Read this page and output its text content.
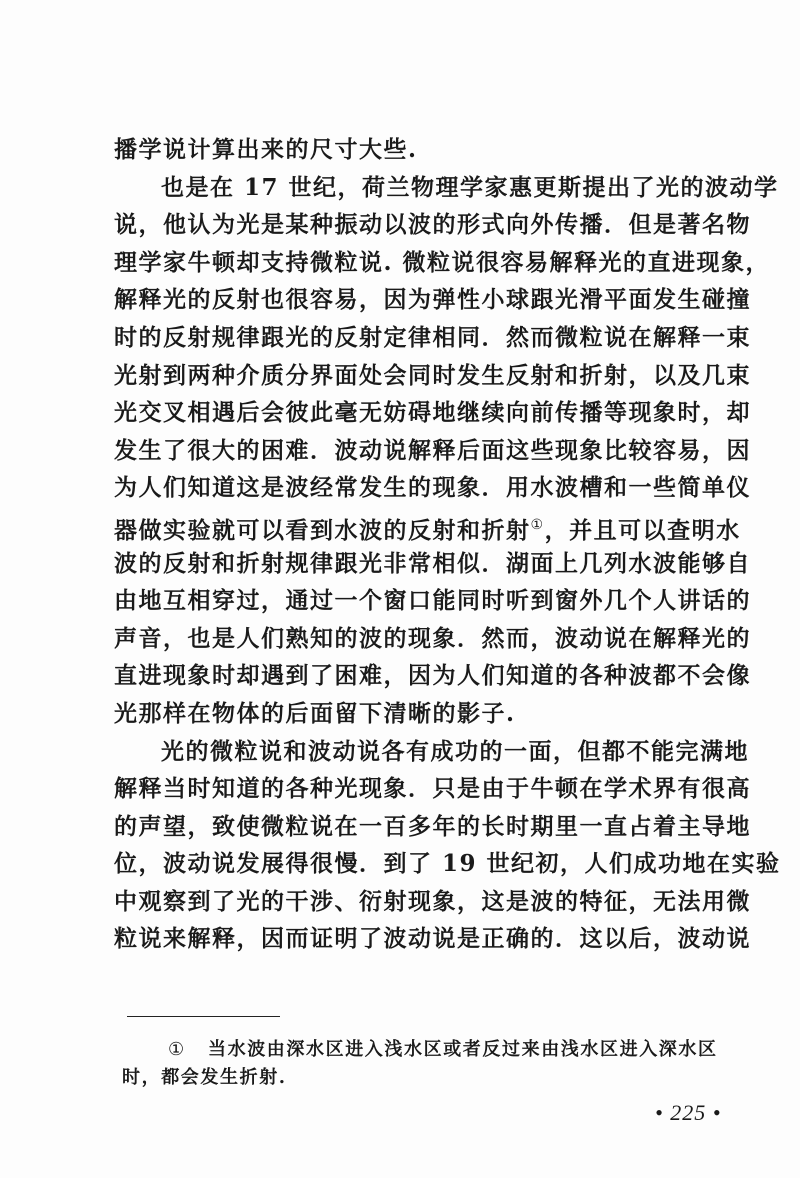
播学说计算出来的尺寸大些.
也是在 17 世纪，荷兰物理学家惠更斯提出了光的波动学
说，他认为光是某种振动以波的形式向外传播．但是著名物
理学家牛顿却支持微粒说. 微粒说很容易解释光的直进现象，
解释光的反射也很容易，因为弹性小球跟光滑平面发生碰撞
时的反射规律跟光的反射定律相同．然而微粒说在解释一束
光射到两种介质分界面处会同时发生反射和折射，以及几束
光交叉相遇后会彼此毫无妨碍地继续向前传播等现象时，却
发生了很大的困难．波动说解释后面这些现象比较容易，因
为人们知道这是波经常发生的现象．用水波槽和一些简单仪
器做实验就可以看到水波的反射和折射①，并且可以查明水
波的反射和折射规律跟光非常相似．湖面上几列水波能够自
由地互相穿过，通过一个窗口能同时听到窗外几个人讲话的
声音，也是人们熟知的波的现象．然而，波动说在解释光的
直进现象时却遇到了困难，因为人们知道的各种波都不会像
光那样在物体的后面留下清晰的影子.
光的微粒说和波动说各有成功的一面，但都不能完满地
解释当时知道的各种光现象．只是由于牛顿在学术界有很高
的声望，致使微粒说在一百多年的长时期里一直占着主导地
位，波动说发展得很慢．到了 19 世纪初，人们成功地在实验
中观察到了光的干涉、衍射现象，这是波的特征，无法用微
粒说来解释，因而证明了波动说是正确的．这以后，波动说
① 当水波由深水区进入浅水区或者反过来由浅水区进入深水区
时，都会发生折射.
• 225 •
